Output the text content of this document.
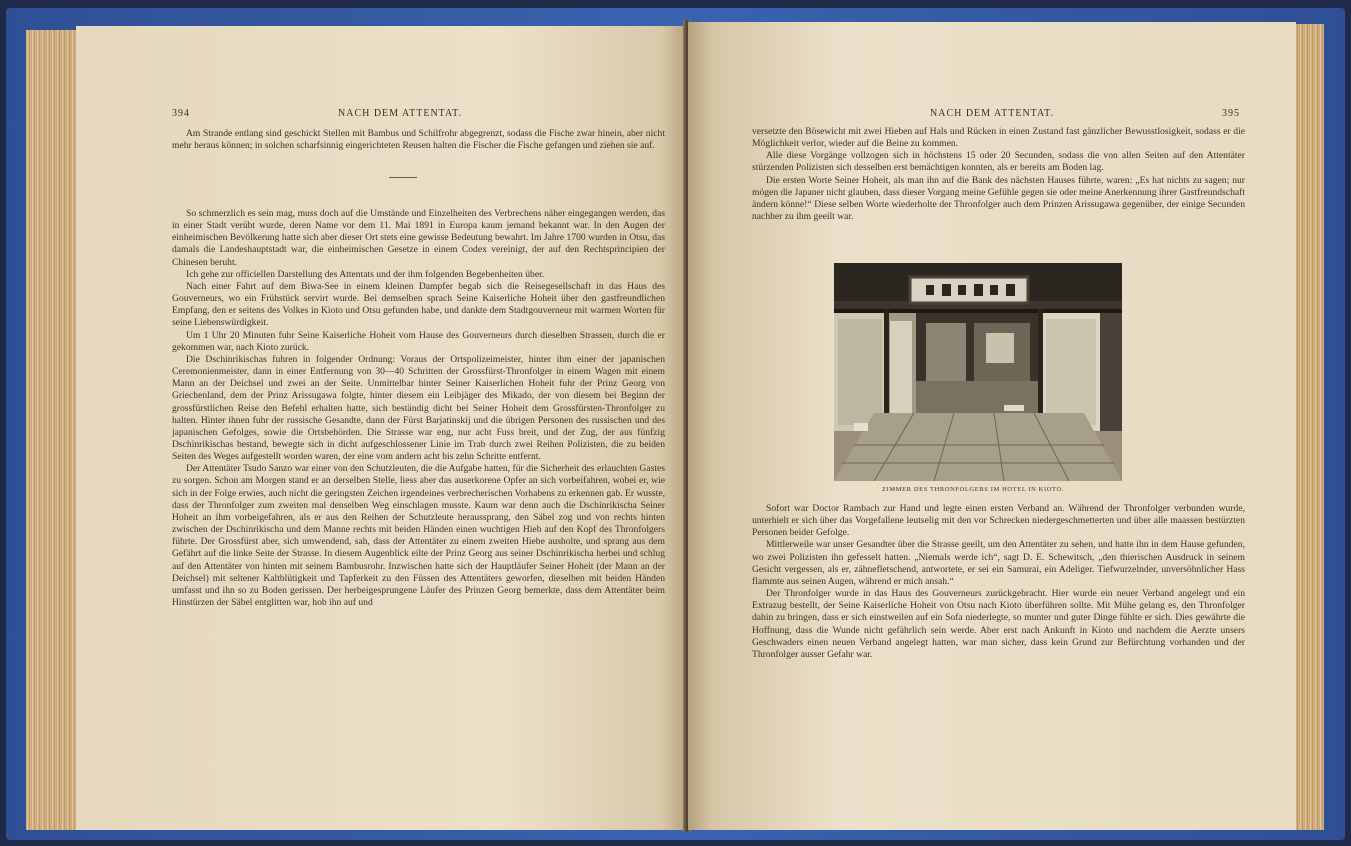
394	NACH DEM ATTENTAT.

Am Strande entlang sind geschickt Stellen mit Bambus und Schilfrohr abgegrenzt, sodass die Fische zwar hinein, aber nicht mehr heraus können; in solchen scharfsinnig eingerichteten Reusen halten die Fischer die Fische gefangen und ziehen sie auf.

So schmerzlich es sein mag, muss doch auf die Umstände und Einzelheiten des Verbrechens näher eingegangen werden, das in einer Stadt verübt wurde, deren Name vor dem 11. Mai 1891 in Europa kaum jemand bekannt war. In den Augen der einheimischen Bevölkerung hatte sich aber dieser Ort stets eine gewisse Bedeutung bewahrt. Im Jahre 1700 wurden in Otsu, das damals die Landeshauptstadt war, die einheimischen Gesetze in einem Codex vereinigt, der auf den Rechtsprincipien der Chinesen beruht.

Ich gehe zur officiellen Darstellung des Attentats und der ihm folgenden Begebenheiten über.

Nach einer Fahrt auf dem Biwa-See in einem kleinen Dampfer begab sich die Reisegesellschaft in das Haus des Gouverneurs, wo ein Frühstück servirt wurde. Bei demselben sprach Seine Kaiserliche Hoheit über den gastfreundlichen Empfang, den er seitens des Volkes in Kioto und Otsu gefunden habe, und dankte dem Stadtgouverneur mit warmen Worten für seine Liebenswürdigkeit.

Um 1 Uhr 20 Minuten fuhr Seine Kaiserliche Hoheit vom Hause des Gouverneurs durch dieselben Strassen, durch die er gekommen war, nach Kioto zurück.

Die Dschinrikischas fuhren in folgender Ordnung: Voraus der Ortspolizeimeister, hinter ihm einer der japanischen Ceremonienmeister, dann in einer Entfernung von 30—40 Schritten der Grossfürst-Thronfolger in einem Wagen mit einem Mann an der Deichsel und zwei an der Seite. Unmittelbar hinter Seiner Kaiserlichen Hoheit fuhr der Prinz Georg von Griechenland, dem der Prinz Arissugawa folgte, hinter diesem ein Leibjäger des Mikado, der von diesem bei Beginn der grossfürstlichen Reise den Befehl erhalten hatte, sich beständig dicht bei Seiner Hoheit dem Grossfürsten-Thronfolger zu halten. Hinter ihnen fuhr der russische Gesandte, dann der Fürst Barjatinskij und die übrigen Personen des russischen und des japanischen Gefolges, sowie die Ortsbehörden. Die Strasse war eng, nur acht Fuss breit, und der Zug, der aus fünfzig Dschinrikischas bestand, bewegte sich in dicht aufgeschlossener Linie im Trab durch zwei Reihen Polizisten, die zu beiden Seiten des Weges aufgestellt worden waren, der eine vom andern acht bis zehn Schritte entfernt.

Der Attentäter Tsudo Sanzo war einer von den Schutzleuten, die die Aufgabe hatten, für die Sicherheit des erlauchten Gastes zu sorgen. Schon am Morgen stand er an derselben Stelle, liess aber das auserkorene Opfer an sich vorbeifahren, wobei er, wie sich in der Folge erwies, auch nicht die geringsten Zeichen irgendeines verbrecherischen Vorhabens zu erkennen gab. Er wusste, dass der Thronfolger zum zweiten mal denselben Weg einschlagen musste. Kaum war denn auch die Dschinrikischa Seiner Hoheit an ihm vorbeigefahren, als er aus den Reihen der Schutzleute heraussprang, den Säbel zog und von rechts hinten zwischen der Dschinrikischa und dem Manne rechts mit beiden Händen einen wuchtigen Hieb auf den Kopf des Thronfolgers führte. Der Grossfürst aber, sich umwendend, sah, dass der Attentäter zu einem zweiten Hiebe ausholte, und sprang aus dem Gefährt auf die linke Seite der Strasse. In diesem Augenblick eilte der Prinz Georg aus seiner Dschinrikischa herbei und schlug auf den Attentäter von hinten mit seinem Bambusrohr. Inzwischen hatte sich der Hauptläufer Seiner Hoheit (der Mann an der Deichsel) mit seltener Kaltblütigkeit und Tapferkeit zu den Füssen des Attentäters geworfen, dieselben mit beiden Händen umfasst und ihn so zu Boden gerissen. Der herbeigesprungene Läufer des Prinzen Georg bemerkte, dass dem Attentäter beim Hinstürzen der Säbel entglitten war, hob ihn auf und

NACH DEM ATTENTAT.	395

versetzte den Bösewicht mit zwei Hieben auf Hals und Rücken in einen Zustand fast gänzlicher Bewusstlosigkeit, sodass er die Möglichkeit verlor, wieder auf die Beine zu kommen.

Alle diese Vorgänge vollzogen sich in höchstens 15 oder 20 Secunden, sodass die von allen Seiten auf den Attentäter stürzenden Polizisten sich desselben erst bemächtigen konnten, als er bereits am Boden lag.

Die ersten Worte Seiner Hoheit, als man ihn auf die Bank des nächsten Hauses führte, waren: „Es hat nichts zu sagen; nur mögen die Japaner nicht glauben, dass dieser Vorgang meine Gefühle gegen sie oder meine Anerkennung ihrer Gastfreundschaft ändern könne!“ Diese selben Worte wiederholte der Thronfolger auch dem Prinzen Arissugawa gegenüber, der einige Secunden nachher zu ihm geeilt war.

ZIMMER DES THRONFOLGERS IM HOTEL IN KIOTO.

Sofort war Doctor Rambach zur Hand und legte einen ersten Verband an. Während der Thronfolger verbunden wurde, unterhielt er sich über das Vorgefallene leutselig mit den vor Schrecken niedergeschmetterten und über alle maassen bestürzten Personen beider Gefolge.

Mittlerweile war unser Gesandter über die Strasse geeilt, um den Attentäter zu sehen, und hatte ihn in dem Hause gefunden, wo zwei Polizisten ihn gefesselt hatten. „Niemals werde ich“, sagt D. E. Schewitsch, „den thierischen Ausdruck in seinem Gesicht vergessen, als er, zähnefletschend, antwortete, er sei ein Samurai, ein Adeliger. Tiefwurzelnder, unversöhnlicher Hass flammte aus seinen Augen, während er mich ansah.“

Der Thronfolger wurde in das Haus des Gouverneurs zurückgebracht. Hier wurde ein neuer Verband angelegt und ein Extrazug bestellt, der Seine Kaiserliche Hoheit von Otsu nach Kioto überführen sollte. Mit Mühe gelang es, den Thronfolger dahin zu bringen, dass er sich einstweilen auf ein Sofa niederlegte, so munter und guter Dinge fühlte er sich. Dies gewährte die Hoffnung, dass die Wunde nicht gefährlich sein werde. Aber erst nach Ankunft in Kioto und nachdem die Aerzte unsers Geschwaders einen neuen Verband angelegt hatten, war man sicher, dass kein Grund zur Befürchtung vorhanden und der Thronfolger ausser Gefahr war.
